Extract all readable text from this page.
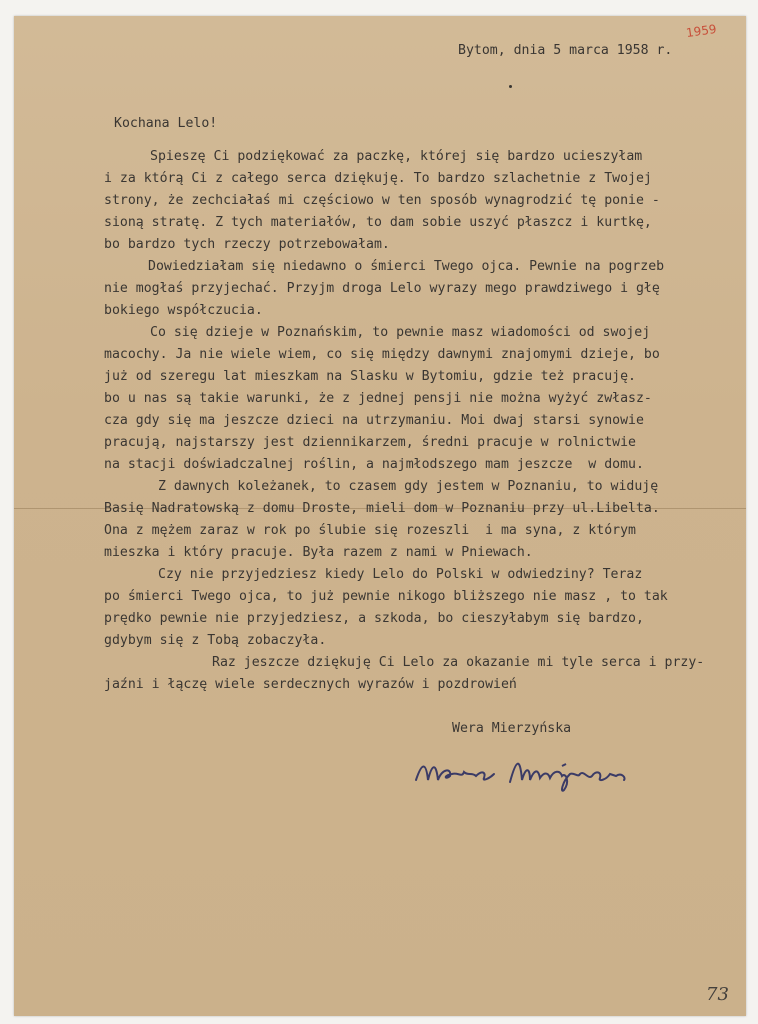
1959
Bytom, dnia 5 marca 1958 r.
Kochana Lelo!
Spieszę Ci podziękować za paczkę, której się bardzo ucieszyłam
i za którą Ci z całego serca dziękuję. To bardzo szlachetnie z Twojej
strony, że zechciałaś mi częściowo w ten sposób wynagrodzić tę ponie -
sioną stratę. Z tych materiałów, to dam sobie uszyć płaszcz i kurtkę,
bo bardzo tych rzeczy potrzebowałam.
Dowiedziałam się niedawno o śmierci Twego ojca. Pewnie na pogrzeb
nie mogłaś przyjechać. Przyjm droga Lelo wyrazy mego prawdziwego i głę
bokiego współczucia.
Co się dzieje w Poznańskim, to pewnie masz wiadomości od swojej
macochy. Ja nie wiele wiem, co się między dawnymi znajomymi dzieje, bo
już od szeregu lat mieszkam na Slasku w Bytomiu, gdzie też pracuję.
bo u nas są takie warunki, że z jednej pensji nie można wyżyć zwłasz-
cza gdy się ma jeszcze dzieci na utrzymaniu. Moi dwaj starsi synowie
pracują, najstarszy jest dziennikarzem, średni pracuje w rolnictwie
na stacji doświadczalnej roślin, a najmłodszego mam jeszcze  w domu.
Z dawnych koleżanek, to czasem gdy jestem w Poznaniu, to widuję
Basię Nadratowską z domu Droste, mieli dom w Poznaniu przy ul.Libelta.
Ona z mężem zaraz w rok po ślubie się rozeszli  i ma syna, z którym
mieszka i który pracuje. Była razem z nami w Pniewach.
Czy nie przyjedziesz kiedy Lelo do Polski w odwiedziny? Teraz
po śmierci Twego ojca, to już pewnie nikogo bliższego nie masz , to tak
prędko pewnie nie przyjedziesz, a szkoda, bo cieszyłabym się bardzo,
gdybym się z Tobą zobaczyła.
Raz jeszcze dziękuję Ci Lelo za okazanie mi tyle serca i przy-
jaźni i łączę wiele serdecznych wyrazów i pozdrowień
Wera Mierzyńska
73
